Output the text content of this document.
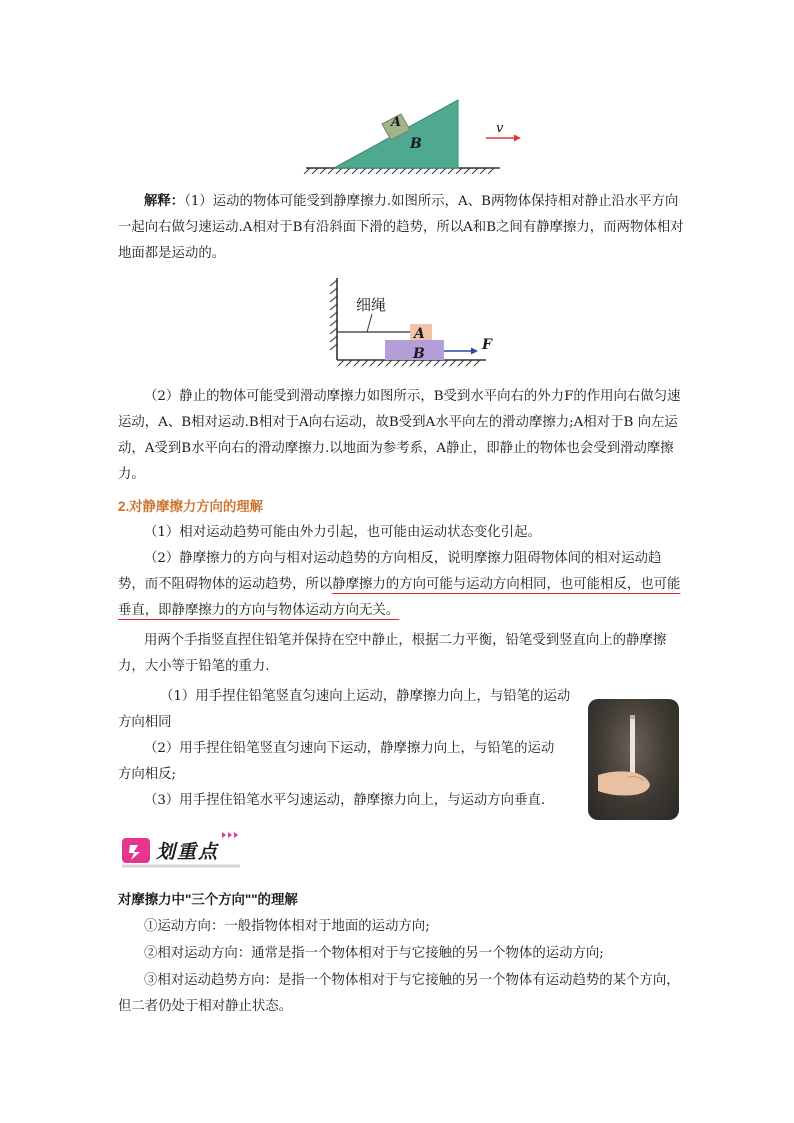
A
B
v

解释：（1）运动的物体可能受到静摩擦力.如图所示，A、B两物体保持相对静止沿水平方向一起向右做匀速运动.A相对于B有沿斜面下滑的趋势，所以A和B之间有静摩擦力，而两物体相对地面都是运动的。

细绳
A
B
F

（2）静止的物体可能受到滑动摩擦力如图所示，B受到水平向右的外力F的作用向右做匀速运动，A、B相对运动.B相对于A向右运动，故B受到A水平向左的滑动摩擦力;A相对于B 向左运动，A受到B水平向右的滑动摩擦力.以地面为参考系，A静止，即静止的物体也会受到滑动摩擦力。

2.对静摩擦力方向的理解

（1）相对运动趋势可能由外力引起，也可能由运动状态变化引起。

（2）静摩擦力的方向与相对运动趋势的方向相反，说明摩擦力阻碍物体间的相对运动趋势，而不阻碍物体的运动趋势，所以静摩擦力的方向可能与运动方向相同，也可能相反，也可能垂直，即静摩擦力的方向与物体运动方向无关。

用两个手指竖直捏住铅笔并保持在空中静止，根据二力平衡，铅笔受到竖直向上的静摩擦力，大小等于铅笔的重力.

（1）用手捏住铅笔竖直匀速向上运动，静摩擦力向上，与铅笔的运动
方向相同
（2）用手捏住铅笔竖直匀速向下运动，静摩擦力向上，与铅笔的运动
方向相反;
（3）用手捏住铅笔水平匀速运动，静摩擦力向上，与运动方向垂直.
划重点

对摩擦力中"三个方向""的理解

①运动方向：一般指物体相对于地面的运动方向;

②相对运动方向：通常是指一个物体相对于与它接触的另一个物体的运动方向;

③相对运动趋势方向：是指一个物体相对于与它接触的另一个物体有运动趋势的某个方向，但二者仍处于相对静止状态。
